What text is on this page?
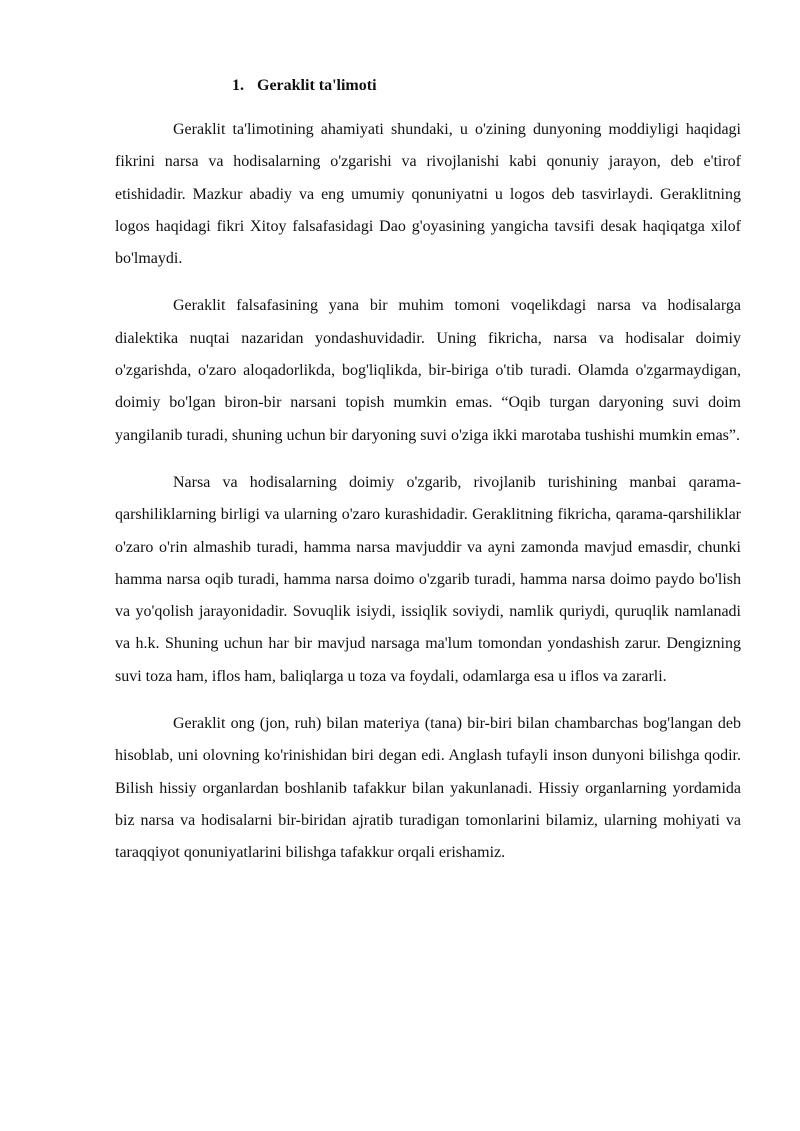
1. Geraklit ta'limoti

Geraklit ta'limotining ahamiyati shundaki, u o'zining dunyoning moddiyligi haqidagi fikrini narsa va hodisalarning o'zgarishi va rivojlanishi kabi qonuniy jarayon, deb e'tirof etishidadir. Mazkur abadiy va eng umumiy qonuniyatni u logos deb tasvirlaydi. Geraklitning logos haqidagi fikri Xitoy falsafasidagi Dao g'oyasining yangicha tavsifi desak haqiqatga xilof bo'lmaydi.

Geraklit falsafasining yana bir muhim tomoni voqelikdagi narsa va hodisalarga dialektika nuqtai nazaridan yondashuvidadir. Uning fikricha, narsa va hodisalar doimiy o'zgarishda, o'zaro aloqadorlikda, bog'liqlikda, bir-biriga o'tib turadi. Olamda o'zgarmaydigan, doimiy bo'lgan biron-bir narsani topish mumkin emas. “Oqib turgan daryoning suvi doim yangilanib turadi, shuning uchun bir daryoning suvi o'ziga ikki marotaba tushishi mumkin emas”.

Narsa va hodisalarning doimiy o'zgarib, rivojlanib turishining manbai qarama-qarshiliklarning birligi va ularning o'zaro kurashidadir. Geraklitning fikricha, qarama-qarshiliklar o'zaro o'rin almashib turadi, hamma narsa mavjuddir va ayni zamonda mavjud emasdir, chunki hamma narsa oqib turadi, hamma narsa doimo o'zgarib turadi, hamma narsa doimo paydo bo'lish va yo'qolish jarayonidadir. Sovuqlik isiydi, issiqlik soviydi, namlik quriydi, quruqlik namlanadi va h.k. Shuning uchun har bir mavjud narsaga ma'lum tomondan yondashish zarur. Dengizning suvi toza ham, iflos ham, baliqlarga u toza va foydali, odamlarga esa u iflos va zararli.

Geraklit ong (jon, ruh) bilan materiya (tana) bir-biri bilan chambarchas bog'langan deb hisoblab, uni olovning ko'rinishidan biri degan edi. Anglash tufayli inson dunyoni bilishga qodir. Bilish hissiy organlardan boshlanib tafakkur bilan yakunlanadi. Hissiy organlarning yordamida biz narsa va hodisalarni bir-biridan ajratib turadigan tomonlarini bilamiz, ularning mohiyati va taraqqiyot qonuniyatlarini bilishga tafakkur orqali erishamiz.
